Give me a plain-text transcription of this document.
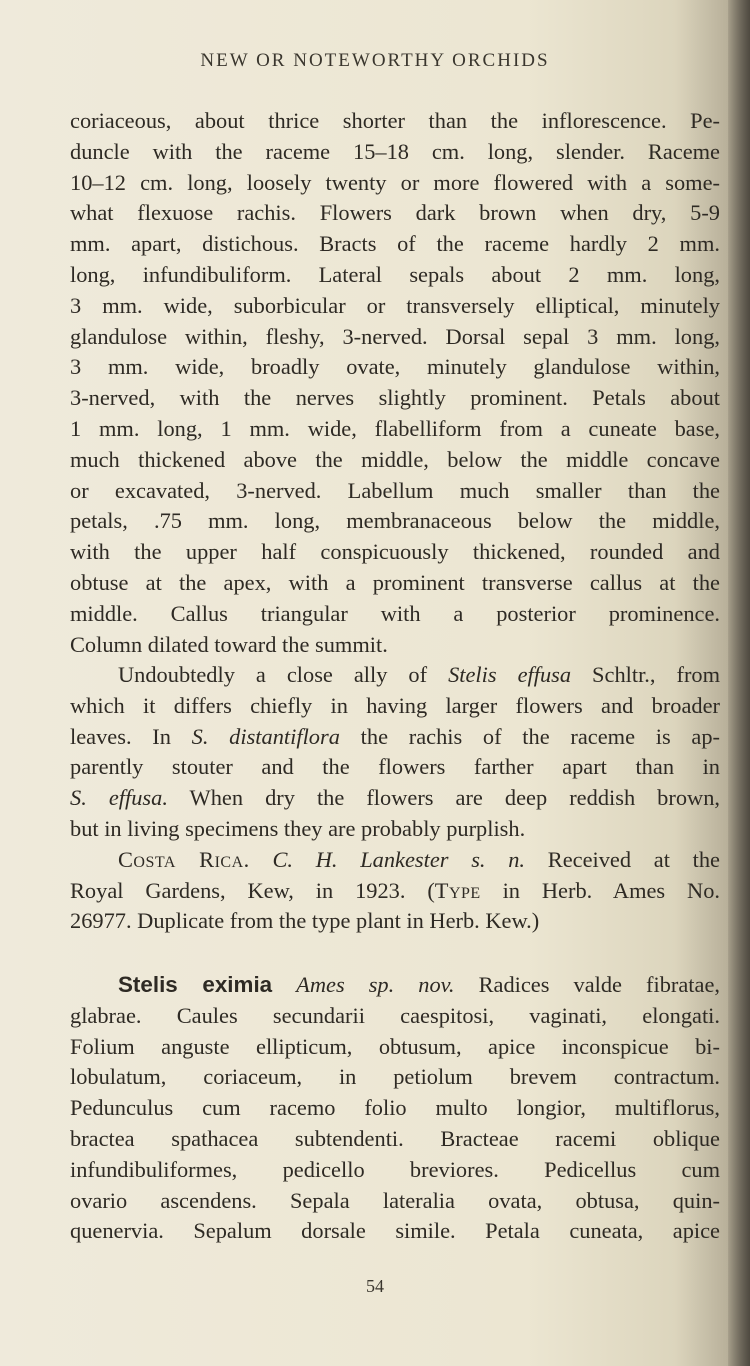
NEW OR NOTEWORTHY ORCHIDS
coriaceous, about thrice shorter than the inflorescence. Pe-
duncle with the raceme 15–18 cm. long, slender. Raceme
10–12 cm. long, loosely twenty or more flowered with a some-
what flexuose rachis. Flowers dark brown when dry, 5-9
mm. apart, distichous. Bracts of the raceme hardly 2 mm.
long, infundibuliform. Lateral sepals about 2 mm. long,
3 mm. wide, suborbicular or transversely elliptical, minutely
glandulose within, fleshy, 3-nerved. Dorsal sepal 3 mm. long,
3 mm. wide, broadly ovate, minutely glandulose within,
3-nerved, with the nerves slightly prominent. Petals about
1 mm. long, 1 mm. wide, flabelliform from a cuneate base,
much thickened above the middle, below the middle concave
or excavated, 3-nerved. Labellum much smaller than the
petals, .75 mm. long, membranaceous below the middle,
with the upper half conspicuously thickened, rounded and
obtuse at the apex, with a prominent transverse callus at the
middle. Callus triangular with a posterior prominence.
Column dilated toward the summit.
Undoubtedly a close ally of Stelis effusa Schltr., from
which it differs chiefly in having larger flowers and broader
leaves. In S. distantiflora the rachis of the raceme is ap-
parently stouter and the flowers farther apart than in
S. effusa. When dry the flowers are deep reddish brown,
but in living specimens they are probably purplish.
Costa Rica. C. H. Lankester s. n. Received at the
Royal Gardens, Kew, in 1923. (Type in Herb. Ames No.
26977. Duplicate from the type plant in Herb. Kew.)
Stelis eximia Ames sp. nov. Radices valde fibratae,
glabrae. Caules secundarii caespitosi, vaginati, elongati.
Folium anguste ellipticum, obtusum, apice inconspicue bi-
lobulatum, coriaceum, in petiolum brevem contractum.
Pedunculus cum racemo folio multo longior, multiflorus,
bractea spathacea subtendenti. Bracteae racemi oblique
infundibuliformes, pedicello breviores. Pedicellus cum
ovario ascendens. Sepala lateralia ovata, obtusa, quin-
quenervia. Sepalum dorsale simile. Petala cuneata, apice
54
